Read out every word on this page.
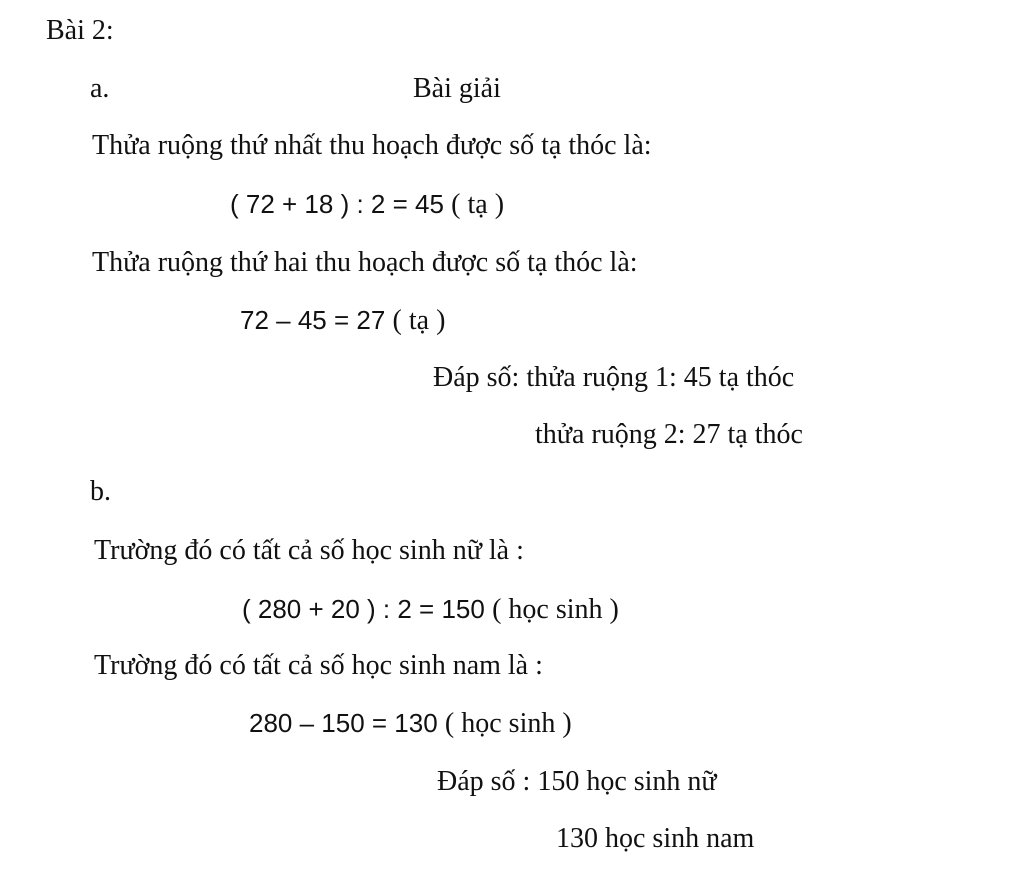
Bài 2:
a.	Bài giải
Thửa ruộng thứ nhất thu hoạch được số tạ thóc là:
( 72 + 18 ) : 2 = 45 ( tạ )
Thửa ruộng thứ hai thu hoạch được số tạ thóc là:
72 – 45 = 27 ( tạ )
Đáp số: thửa ruộng 1: 45 tạ thóc
thửa ruộng 2: 27 tạ thóc
b.
Trường đó có tất cả số học sinh nữ là :
( 280 + 20 ) : 2 = 150 ( học sinh )
Trường đó có tất cả số học sinh nam là :
280 – 150 = 130 ( học sinh )
Đáp số : 150 học sinh nữ
130 học sinh nam
